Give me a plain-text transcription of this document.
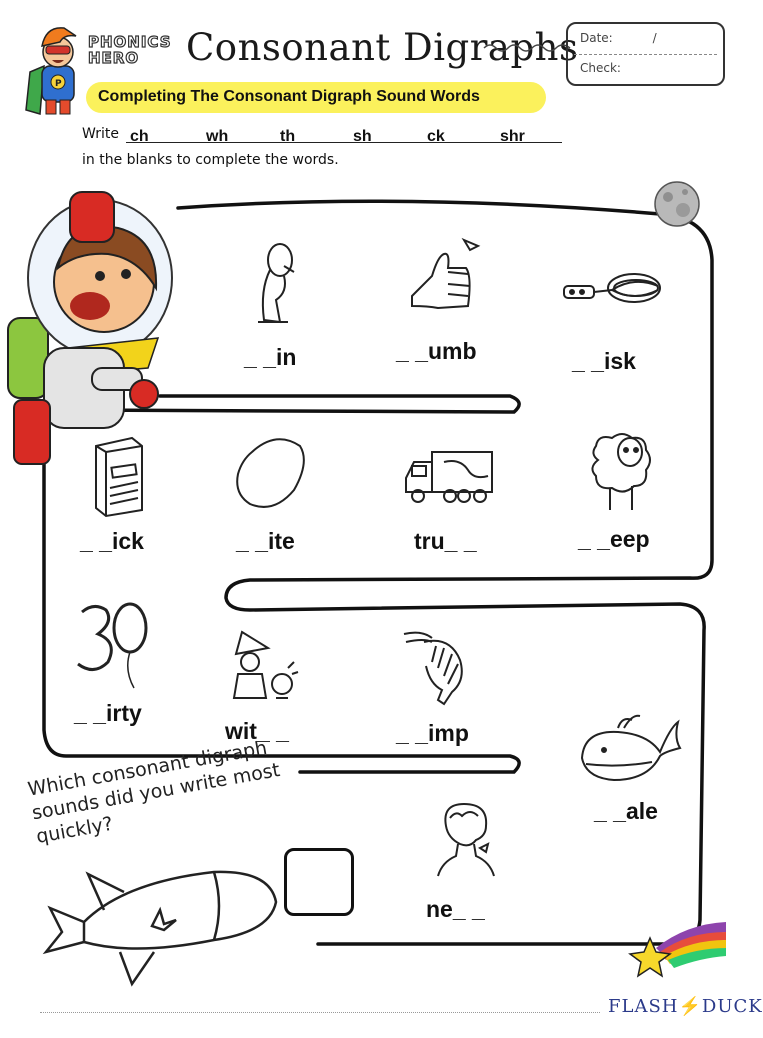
P
PHONICS
HERO	Consonant Digraphs Date:	/
Check:
Completing The Consonant Digraph Sound Words
Write ch	wh	th	sh	ck	shr
in the blanks to complete the words.
_ _in	_ _umb	_ _isk
_ _ick	_ _ite	tru_ _	_ _eep
_ _irty
wit_ _	_ _imp
_ _ale
ne_ _
Which consonant digraph sounds did you write most quickly?
FLASH⚡DUCK
